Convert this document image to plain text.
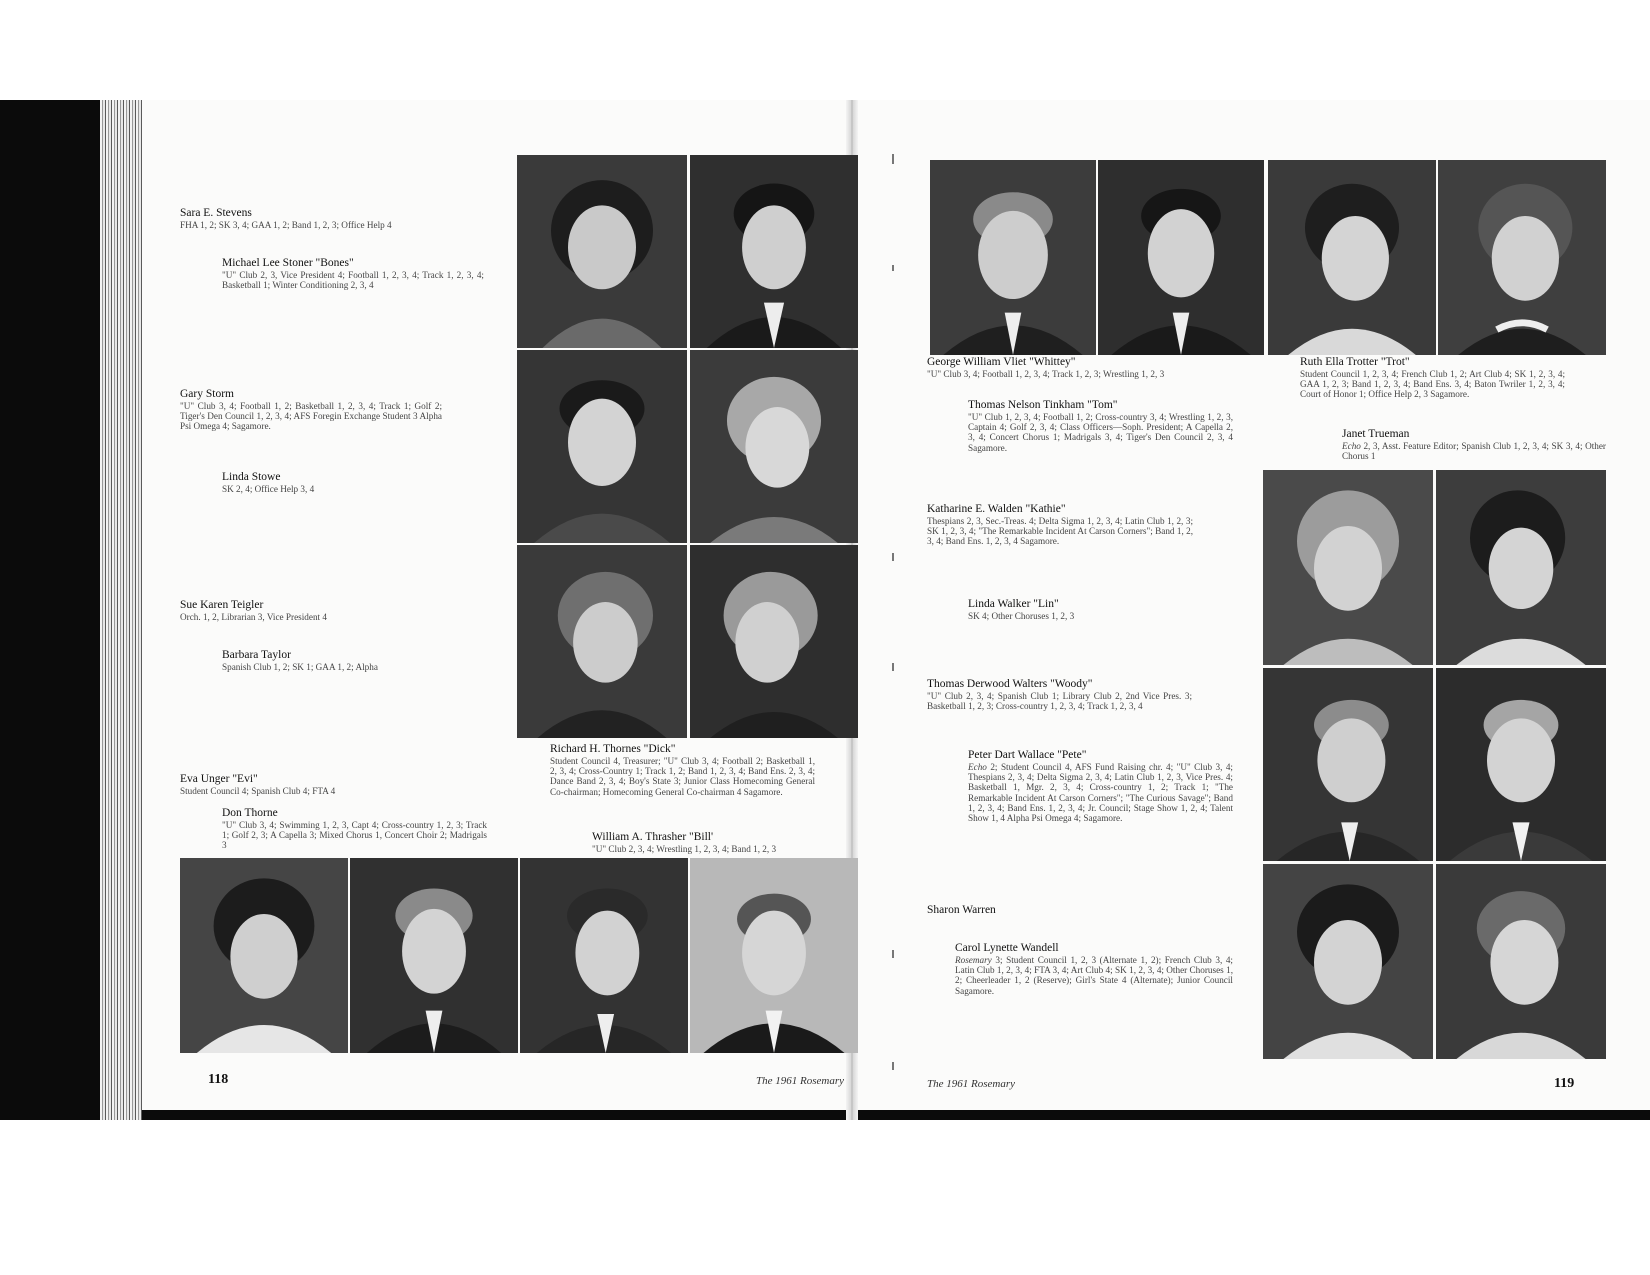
Sara E. Stevens
FHA 1, 2; SK 3, 4; GAA 1, 2; Band 1, 2, 3; Office Help 4
Michael Lee Stoner "Bones"
"U" Club 2, 3, Vice President 4; Football 1, 2, 3, 4; Track 1, 2, 3, 4; Basketball 1; Winter Conditioning 2, 3, 4
Gary Storm
"U" Club 3, 4; Football 1, 2; Basketball 1, 2, 3, 4; Track 1; Golf 2; Tiger's Den Council 1, 2, 3, 4; AFS Foregin Exchange Student 3 Alpha Psi Omega 4; Sagamore.
Linda Stowe
SK 2, 4; Office Help 3, 4
Sue Karen Teigler
Orch. 1, 2, Librarian 3, Vice President 4
Barbara Taylor
Spanish Club 1, 2; SK 1; GAA 1, 2; Alpha
Richard H. Thornes "Dick"
Student Council 4, Treasurer; "U" Club 3, 4; Football 2; Basketball 1, 2, 3, 4; Cross-Country 1; Track 1, 2; Band 1, 2, 3, 4; Band Ens. 2, 3, 4; Dance Band 2, 3, 4; Boy's State 3; Junior Class Homecoming General Co-chairman; Homecoming General Co-chairman 4 Sagamore.
Eva Unger "Evi"
Student Council 4; Spanish Club 4; FTA 4
Don Thorne
"U" Club 3, 4; Swimming 1, 2, 3, Capt 4; Cross-country 1, 2, 3; Track 1; Golf 2, 3; A Capella 3; Mixed Chorus 1, Concert Choir 2; Madrigals 3
William A. Thrasher "Bill'
"U" Club 2, 3, 4; Wrestling 1, 2, 3, 4; Band 1, 2, 3
118	The 1961 Rosemary
George William Vliet "Whittey"
"U" Club 3, 4; Football 1, 2, 3, 4; Track 1, 2, 3; Wrestling 1, 2, 3
Thomas Nelson Tinkham "Tom"
"U" Club 1, 2, 3, 4; Football 1, 2; Cross-country 3, 4; Wrestling 1, 2, 3, Captain 4; Golf 2, 3, 4; Class Officers—Soph. President; A Capella 2, 3, 4; Concert Chorus 1; Madrigals 3, 4; Tiger's Den Council 2, 3, 4 Sagamore.
Ruth Ella Trotter "Trot"
Student Council 1, 2, 3, 4; French Club 1, 2; Art Club 4; SK 1, 2, 3, 4; GAA 1, 2, 3; Band 1, 2, 3, 4; Band Ens. 3, 4; Baton Twriler 1, 2, 3, 4; Court of Honor 1; Office Help 2, 3 Sagamore.
Janet Trueman
Echo 2, 3, Asst. Feature Editor; Spanish Club 1, 2, 3, 4; SK 3, 4; Other Chorus 1
Katharine E. Walden "Kathie"
Thespians 2, 3, Sec.-Treas. 4; Delta Sigma 1, 2, 3, 4; Latin Club 1, 2, 3; SK 1, 2, 3, 4; "The Remarkable Incident At Carson Corners"; Band 1, 2, 3, 4; Band Ens. 1, 2, 3, 4 Sagamore.
Linda Walker "Lin"
SK 4; Other Choruses 1, 2, 3
Thomas Derwood Walters "Woody"
"U" Club 2, 3, 4; Spanish Club 1; Library Club 2, 2nd Vice Pres. 3; Basketball 1, 2, 3; Cross-country 1, 2, 3, 4; Track 1, 2, 3, 4
Peter Dart Wallace "Pete"
Echo 2; Student Council 4, AFS Fund Raising chr. 4; "U" Club 3, 4; Thespians 2, 3, 4; Delta Sigma 2, 3, 4; Latin Club 1, 2, 3, Vice Pres. 4; Basketball 1, Mgr. 2, 3, 4; Cross-country 1, 2; Track 1; "The Remarkable Incident At Carson Corners"; "The Curious Savage"; Band 1, 2, 3, 4; Band Ens. 1, 2, 3, 4; Jr. Council; Stage Show 1, 2, 4; Talent Show 1, 4 Alpha Psi Omega 4; Sagamore.
Sharon Warren
Carol Lynette Wandell
Rosemary 3; Student Council 1, 2, 3 (Alternate 1, 2); French Club 3, 4; Latin Club 1, 2, 3, 4; FTA 3, 4; Art Club 4; SK 1, 2, 3, 4; Other Choruses 1, 2; Cheerleader 1, 2 (Reserve); Girl's State 4 (Alternate); Junior Council Sagamore.
The 1961 Rosemary	119
